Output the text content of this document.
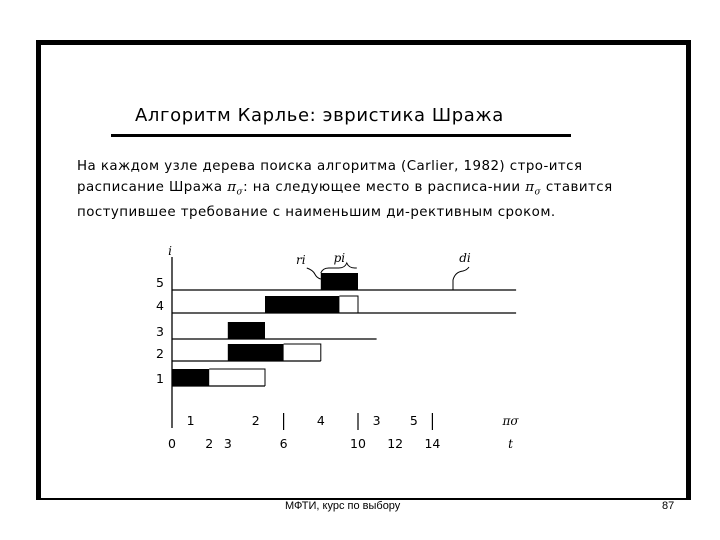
Алгоритм Карлье: эвристика Шража

На каждом узле дерева поиска алгоритма (Carlier, 1982) стро-ится расписание Шража $\pi_\sigma$: на следующее место в расписа-нии $\pi_\sigma$ ставится поступившее требование с наименьшим ди-рективным сроком.

i
1
2
3
4
5
ri pi	di
1	2	4	3 5	πσ
0 2 3	6	10 12 14	t
МФТИ, курс по выбору	87
